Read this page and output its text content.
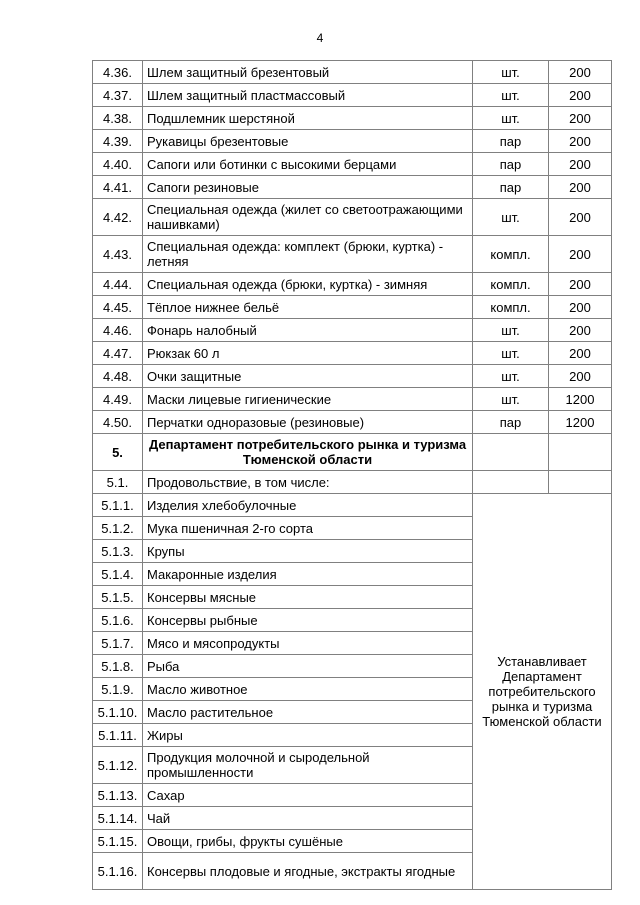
4
4.36.	Шлем защитный брезентовый	шт.	200
4.37.	Шлем защитный пластмассовый	шт.	200
4.38.	Подшлемник шерстяной	шт.	200
4.39.	Рукавицы брезентовые	пар	200
4.40.	Сапоги или ботинки с высокими берцами	пар	200
4.41.	Сапоги резиновые	пар	200
4.42.	Специальная одежда (жилет со светоотражающими нашивками)	шт.	200
4.43.	Специальная одежда: комплект (брюки, куртка) - летняя	компл.	200
4.44.	Специальная одежда (брюки, куртка) - зимняя	компл.	200
4.45.	Тёплое нижнее бельё	компл.	200
4.46.	Фонарь налобный	шт.	200
4.47.	Рюкзак 60 л	шт.	200
4.48.	Очки защитные	шт.	200
4.49.	Маски лицевые гигиенические	шт.	1200
4.50.	Перчатки одноразовые (резиновые)	пар	1200
5.	Департамент потребительского рынка и туризма Тюменской области		
5.1.	Продовольствие, в том числе:		
5.1.1.	Изделия хлебобулочные	Устанавливает Департамент потребительского рынка и туризма Тюменской области	
5.1.2.	Мука пшеничная 2-го сорта		
5.1.3.	Крупы		
5.1.4.	Макаронные изделия		
5.1.5.	Консервы мясные		
5.1.6.	Консервы рыбные		
5.1.7.	Мясо и мясопродукты		
5.1.8.	Рыба		
5.1.9.	Масло животное		
5.1.10.	Масло растительное		
5.1.11.	Жиры		
5.1.12.	Продукция молочной и сыродельной промышленности		
5.1.13.	Сахар		
5.1.14.	Чай		
5.1.15.	Овощи, грибы, фрукты сушёные		
5.1.16.	Консервы плодовые и ягодные, экстракты ягодные		
